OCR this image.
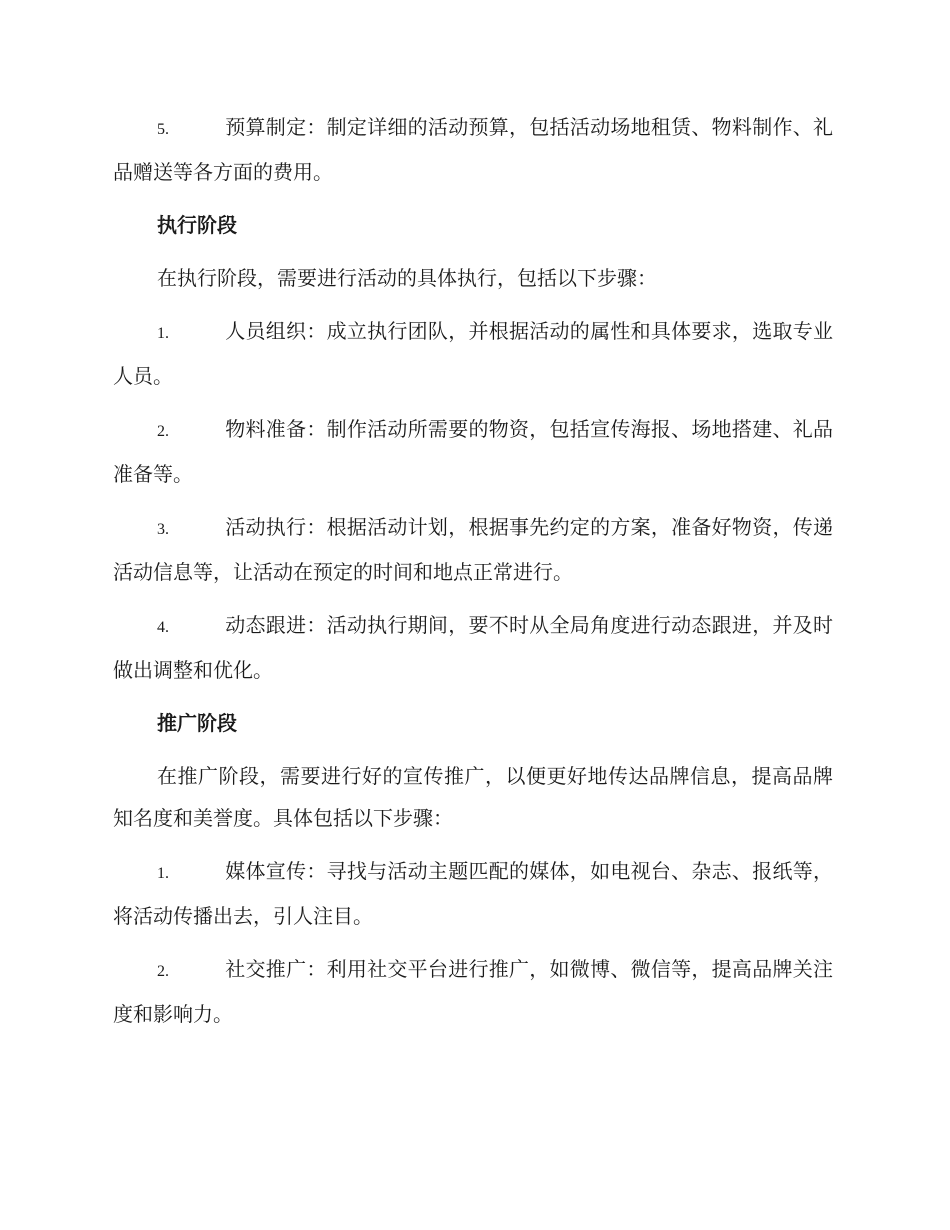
5.	预算制定：制定详细的活动预算，包括活动场地租赁、物料制作、礼品赠送等各方面的费用。

执行阶段

在执行阶段，需要进行活动的具体执行，包括以下步骤：

1.	人员组织：成立执行团队，并根据活动的属性和具体要求，选取专业人员。

2.	物料准备：制作活动所需要的物资，包括宣传海报、场地搭建、礼品准备等。

3.	活动执行：根据活动计划，根据事先约定的方案，准备好物资，传递活动信息等，让活动在预定的时间和地点正常进行。

4.	动态跟进：活动执行期间，要不时从全局角度进行动态跟进，并及时做出调整和优化。

推广阶段

在推广阶段，需要进行好的宣传推广，以便更好地传达品牌信息，提高品牌知名度和美誉度。具体包括以下步骤：

1.	媒体宣传：寻找与活动主题匹配的媒体，如电视台、杂志、报纸等，将活动传播出去，引人注目。

2.	社交推广：利用社交平台进行推广，如微博、微信等，提高品牌关注度和影响力。
